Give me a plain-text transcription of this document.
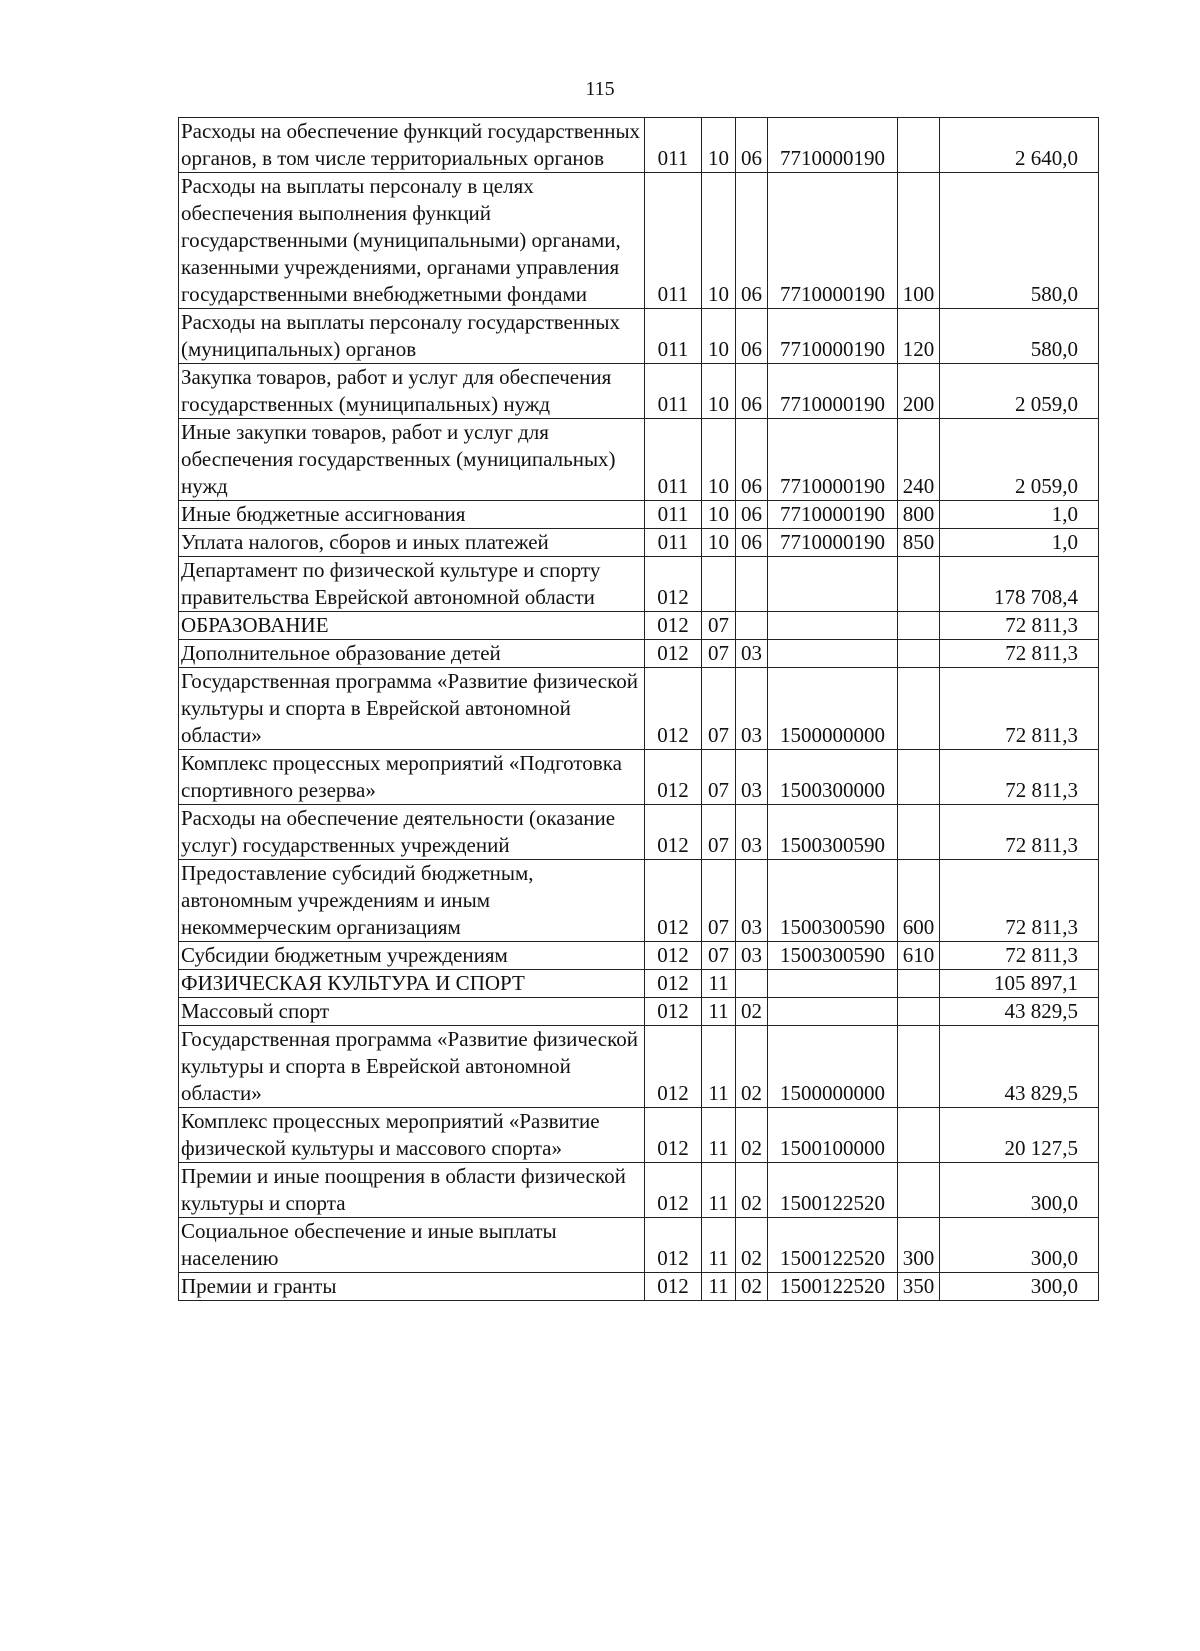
115
Расходы на обеспечение функций государственных органов, в том числе территориальных органов	011	10	06	7710000190		2 640,0
Расходы на выплаты персоналу в целях обеспечения выполнения функций государственными (муниципальными) органами, казенными учреждениями, органами управления государственными внебюджетными фондами	011	10	06	7710000190	100	580,0
Расходы на выплаты персоналу государственных (муниципальных) органов	011	10	06	7710000190	120	580,0
Закупка товаров, работ и услуг для обеспечения государственных (муниципальных) нужд	011	10	06	7710000190	200	2 059,0
Иные закупки товаров, работ и услуг для обеспечения государственных (муниципальных) нужд	011	10	06	7710000190	240	2 059,0
Иные бюджетные ассигнования	011	10	06	7710000190	800	1,0
Уплата налогов, сборов и иных платежей	011	10	06	7710000190	850	1,0
Департамент по физической культуре и спорту правительства Еврейской автономной области	012					178 708,4
ОБРАЗОВАНИЕ	012	07				72 811,3
Дополнительное образование детей	012	07	03			72 811,3
Государственная программа «Развитие физической культуры и спорта в Еврейской автономной области»	012	07	03	1500000000		72 811,3
Комплекс процессных мероприятий «Подготовка спортивного резерва»	012	07	03	1500300000		72 811,3
Расходы на обеспечение деятельности (оказание услуг) государственных учреждений	012	07	03	1500300590		72 811,3
Предоставление субсидий бюджетным, автономным учреждениям и иным некоммерческим организациям	012	07	03	1500300590	600	72 811,3
Субсидии бюджетным учреждениям	012	07	03	1500300590	610	72 811,3
ФИЗИЧЕСКАЯ КУЛЬТУРА И СПОРТ	012	11				105 897,1
Массовый спорт	012	11	02			43 829,5
Государственная программа «Развитие физической культуры и спорта в Еврейской автономной области»	012	11	02	1500000000		43 829,5
Комплекс процессных мероприятий «Развитие физической культуры и массового спорта»	012	11	02	1500100000		20 127,5
Премии и иные поощрения в области физической культуры и спорта	012	11	02	1500122520		300,0
Социальное обеспечение и иные выплаты населению	012	11	02	1500122520	300	300,0
Премии и гранты	012	11	02	1500122520	350	300,0
